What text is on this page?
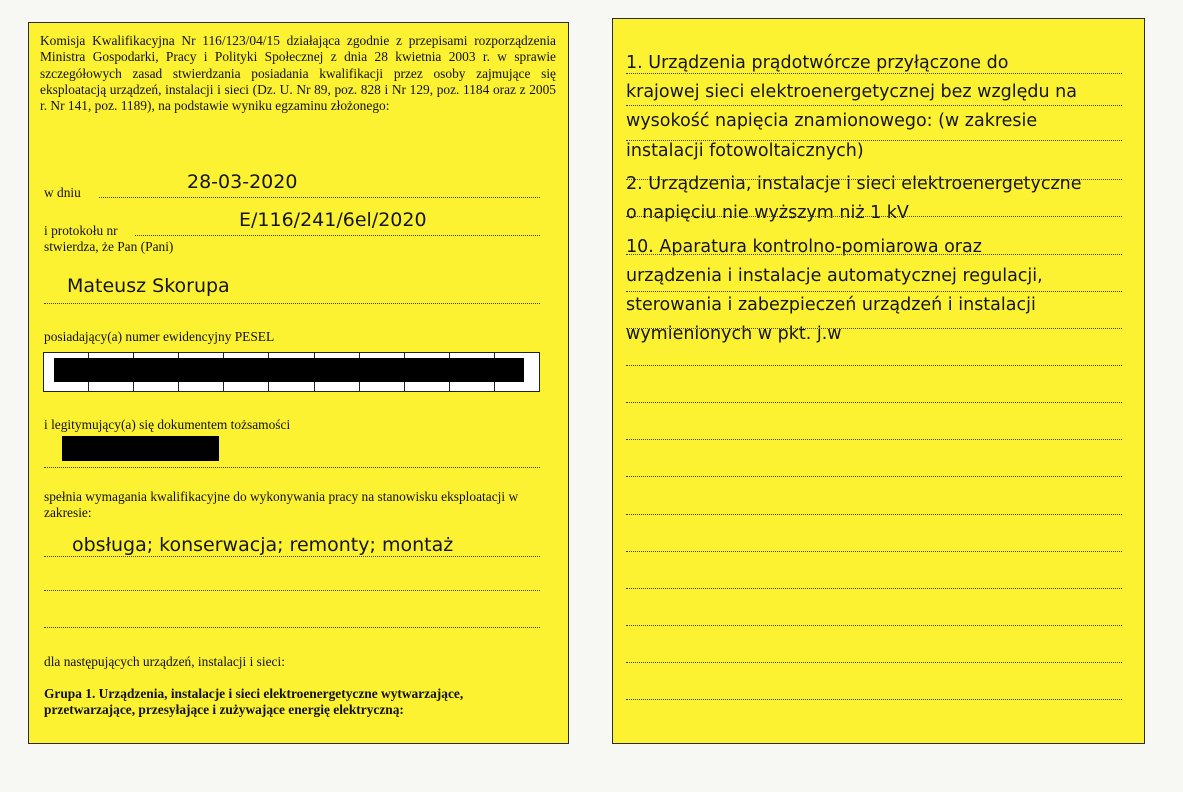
Komisja Kwalifikacyjna Nr 116/123/04/15 działająca zgodnie z przepisami rozporządzenia Ministra Gospodarki, Pracy i Polityki Społecznej z dnia 28 kwietnia 2003 r. w sprawie szczegółowych zasad stwierdzania posiadania kwalifikacji przez osoby zajmujące się eksploatacją urządzeń, instalacji i sieci (Dz. U. Nr 89, poz. 828 i Nr 129, poz. 1184 oraz z 2005 r. Nr 141, poz. 1189), na podstawie wyniku egzaminu złożonego:

w dniu	28-03-2020
i protokołu nr	E/116/241/6el/2020
stwierdza, że Pan (Pani)
Mateusz Skorupa
posiadający(a) numer ewidencyjny PESEL
i legitymujący(a) się dokumentem tożsamości

spełnia wymagania kwalifikacyjne do wykonywania pracy na stanowisku eksploatacji w zakresie:

obsługa; konserwacja; remonty; montaż
dla następujących urządzeń, instalacji i sieci:

Grupa 1. Urządzenia, instalacje i sieci elektroenergetyczne wytwarzające, przetwarzające, przesyłające i zużywające energię elektryczną:

1. Urządzenia prądotwórcze przyłączone do
krajowej sieci elektroenergetycznej bez względu na
wysokość napięcia znamionowego: (w zakresie
instalacji fotowoltaicznych)
2. Urządzenia, instalacje i sieci elektroenergetyczne
o napięciu nie wyższym niż 1 kV
10. Aparatura kontrolno-pomiarowa oraz
urządzenia i instalacje automatycznej regulacji,
sterowania i zabezpieczeń urządzeń i instalacji
wymienionych w pkt. j.w
